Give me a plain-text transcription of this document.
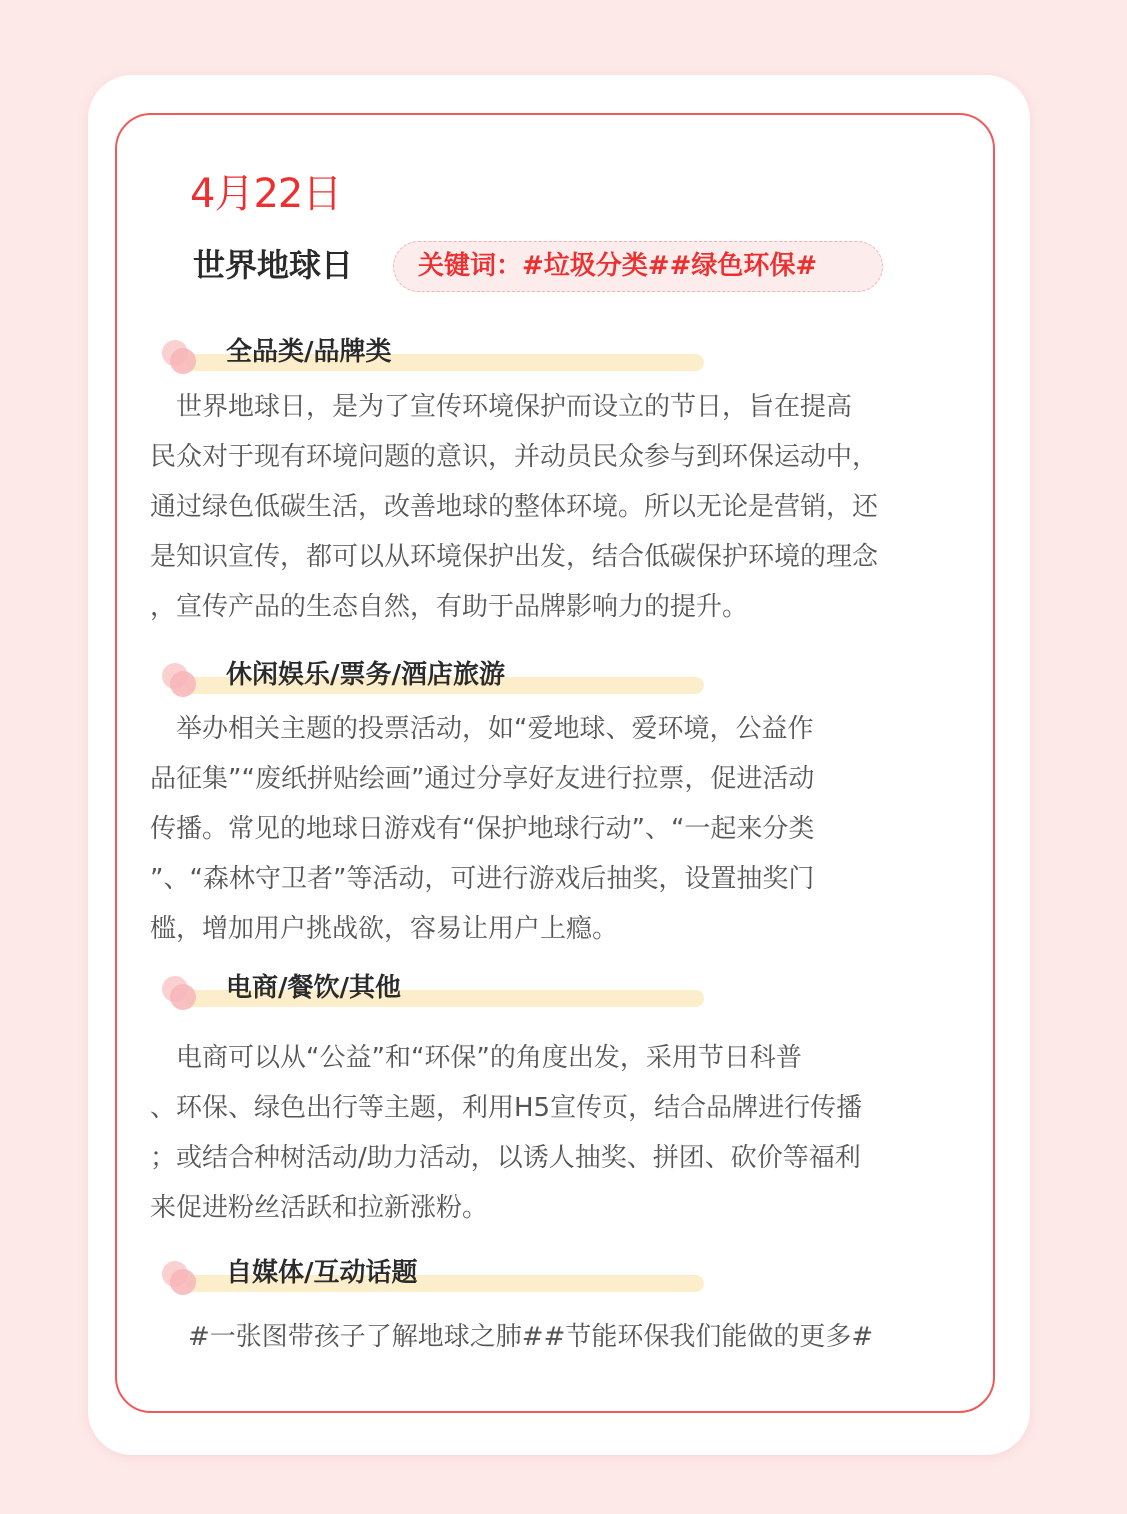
4月22日
世界地球日	关键词：#垃圾分类##绿色环保#
全品类/品牌类
　世界地球日，是为了宣传环境保护而设立的节日，旨在提高
民众对于现有环境问题的意识，并动员民众参与到环保运动中，
通过绿色低碳生活，改善地球的整体环境。所以无论是营销，还
是知识宣传，都可以从环境保护出发，结合低碳保护环境的理念
，宣传产品的生态自然，有助于品牌影响力的提升。
休闲娱乐/票务/酒店旅游
　举办相关主题的投票活动，如“爱地球、爱环境，公益作
品征集”“废纸拼贴绘画”通过分享好友进行拉票，促进活动
传播。常见的地球日游戏有“保护地球行动”、“一起来分类
”、“森林守卫者”等活动，可进行游戏后抽奖，设置抽奖门
槛，增加用户挑战欲，容易让用户上瘾。
电商/餐饮/其他
　电商可以从“公益”和“环保”的角度出发，采用节日科普
、环保、绿色出行等主题，利用H5宣传页，结合品牌进行传播
；或结合种树活动/助力活动，以诱人抽奖、拼团、砍价等福利
来促进粉丝活跃和拉新涨粉。
自媒体/互动话题
　#一张图带孩子了解地球之肺##节能环保我们能做的更多#
